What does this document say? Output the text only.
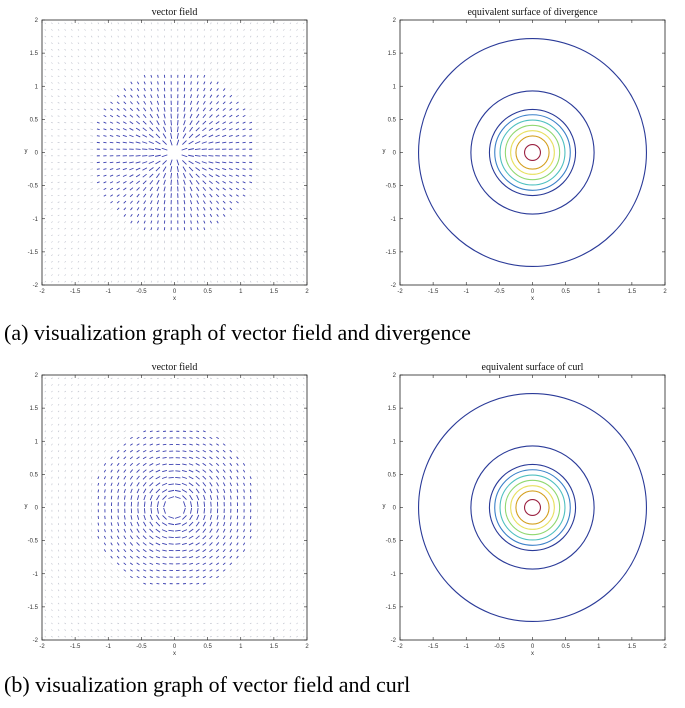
vector field
-2	-1.5	-1	-0.5	0	0.5	1	1.5	2
2
1.5
1
0.5
0
-0.5
-1
-1.5
-2
x
y
equivalent surface of divergence
-2	-1.5	-1	-0.5	0	0.5	1	1.5	2
2
1.5
1
0.5
0
-0.5
-1
-1.5
-2
x
y
(a) visualization graph of vector field and divergence
vector field
-2	-1.5	-1	-0.5	0	0.5	1	1.5	2
2
1.5
1
0.5
0
-0.5
-1
-1.5
-2
x
y
equivalent surface of curl
-2	-1.5	-1	-0.5	0	0.5	1	1.5	2
2
1.5
1
0.5
0
-0.5
-1
-1.5
-2
x
y
(b) visualization graph of vector field and curl
